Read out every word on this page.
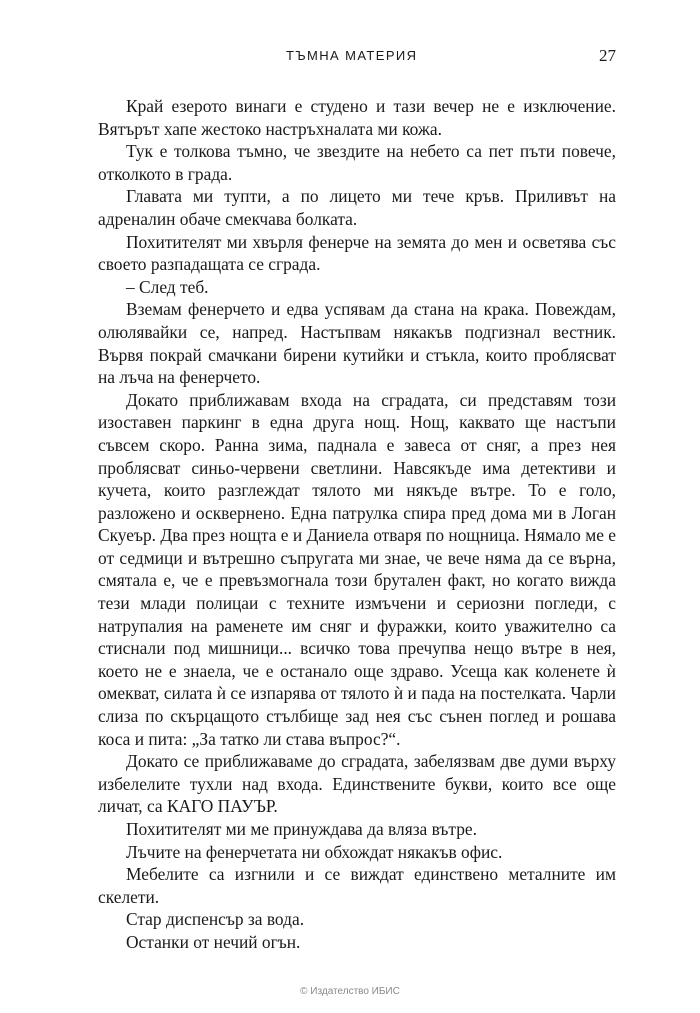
ТЪМНА МАТЕРИЯ	27

Край езерото винаги е студено и тази вечер не е изключение. Вятърът хапе жестоко настръхналата ми кожа.

Тук е толкова тъмно, че звездите на небето са пет пъти повече, отколкото в града.

Главата ми тупти, а по лицето ми тече кръв. Приливът на адреналин обаче смекчава болката.

Похитителят ми хвърля фенерче на земята до мен и осветява със своето разпадащата се сграда.

– След теб.

Вземам фенерчето и едва успявам да стана на крака. Повеждам, олюлявайки се, напред. Настъпвам някакъв подгизнал вестник. Вървя покрай смачкани бирени кутийки и стъкла, които проблясват на лъча на фенерчето.

Докато приближавам входа на сградата, си представям този изоставен паркинг в една друга нощ. Нощ, каквато ще настъпи съвсем скоро. Ранна зима, паднала е завеса от сняг, а през нея проблясват синьо-червени светлини. Навсякъде има детективи и кучета, които разглеждат тялото ми някъде вътре. То е голо, разложено и осквернено. Една патрулка спира пред дома ми в Логан Скуеър. Два през нощта е и Даниела отваря по нощница. Нямало ме е от седмици и вътрешно съпругата ми знае, че вече няма да се върна, смятала е, че е превъзмогнала този брутален факт, но когато вижда тези млади полицаи с техните измъчени и сериозни погледи, с натрупалия на раменете им сняг и фуражки, които уважително са стиснали под мишници... всичко това пречупва нещо вътре в нея, което не е знаела, че е останало още здраво. Усеща как коленете ѝ омекват, силата ѝ се изпарява от тялото ѝ и пада на постелката. Чарли слиза по скърцащото стълбище зад нея със сънен поглед и рошава коса и пита: „За татко ли става въпрос?“.

Докато се приближаваме до сградата, забелязвам две думи върху избелелите тухли над входа. Единствените букви, които все още личат, са КАГО ПАУЪР.

Похитителят ми ме принуждава да вляза вътре.

Лъчите на фенерчетата ни обхождат някакъв офис.

Мебелите са изгнили и се виждат единствено металните им скелети.

Стар диспенсър за вода.

Останки от нечий огън.

© Издателство ИБИС
